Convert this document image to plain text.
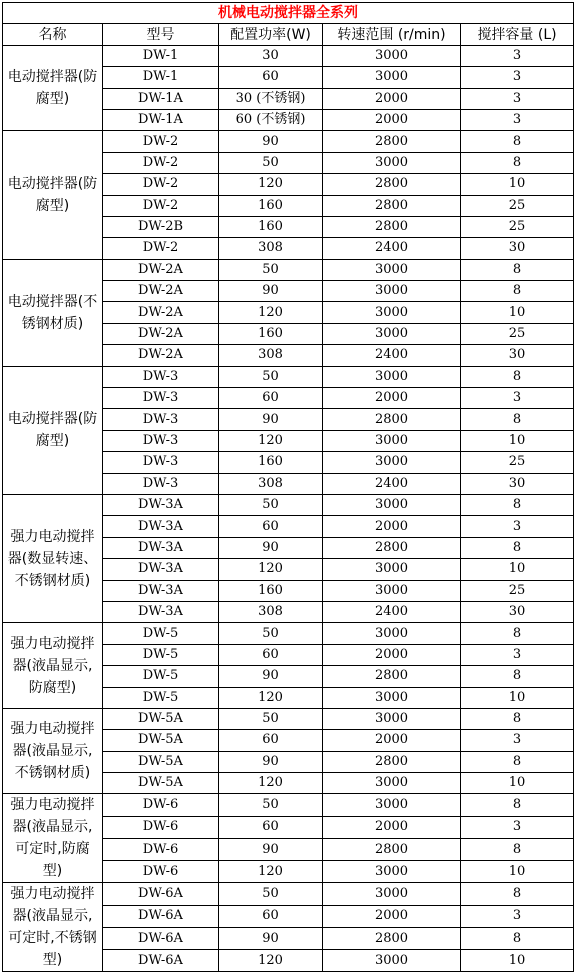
机械电动搅拌器全系列				
名称	型号	配置功率(W)	转速范围 (r/min)	搅拌容量 (L)
电动搅拌器(防腐型)	DW-1	30	3000	3
	DW-1	60	3000	3
	DW-1A	30 (不锈钢)	2000	3
	DW-1A	60 (不锈钢)	2000	3
电动搅拌器(防腐型)	DW-2	90	2800	8
	DW-2	50	3000	8
	DW-2	120	2800	10
	DW-2	160	2800	25
	DW-2B	160	2800	25
	DW-2	308	2400	30
电动搅拌器(不锈钢材质)	DW-2A	50	3000	8
	DW-2A	90	3000	8
	DW-2A	120	3000	10
	DW-2A	160	3000	25
	DW-2A	308	2400	30
电动搅拌器(防腐型)	DW-3	50	3000	8
	DW-3	60	2000	3
	DW-3	90	2800	8
	DW-3	120	3000	10
	DW-3	160	3000	25
	DW-3	308	2400	30
强力电动搅拌器(数显转速、不锈钢材质)	DW-3A	50	3000	8
	DW-3A	60	2000	3
	DW-3A	90	2800	8
	DW-3A	120	3000	10
	DW-3A	160	3000	25
	DW-3A	308	2400	30
强力电动搅拌器(液晶显示, 防腐型)	DW-5	50	3000	8
	DW-5	60	2000	3
	DW-5	90	2800	8
	DW-5	120	3000	10
强力电动搅拌器(液晶显示,不锈钢材质)	DW-5A	50	3000	8
	DW-5A	60	2000	3
	DW-5A	90	2800	8
	DW-5A	120	3000	10
强力电动搅拌器(液晶显示, 可定时,防腐型)	DW-6	50	3000	8
	DW-6	60	2000	3
	DW-6	90	2800	8
	DW-6	120	3000	10
强力电动搅拌器(液晶显示, 可定时,不锈钢型)	DW-6A	50	3000	8
	DW-6A	60	2000	3
	DW-6A	90	2800	8
	DW-6A	120	3000	10
